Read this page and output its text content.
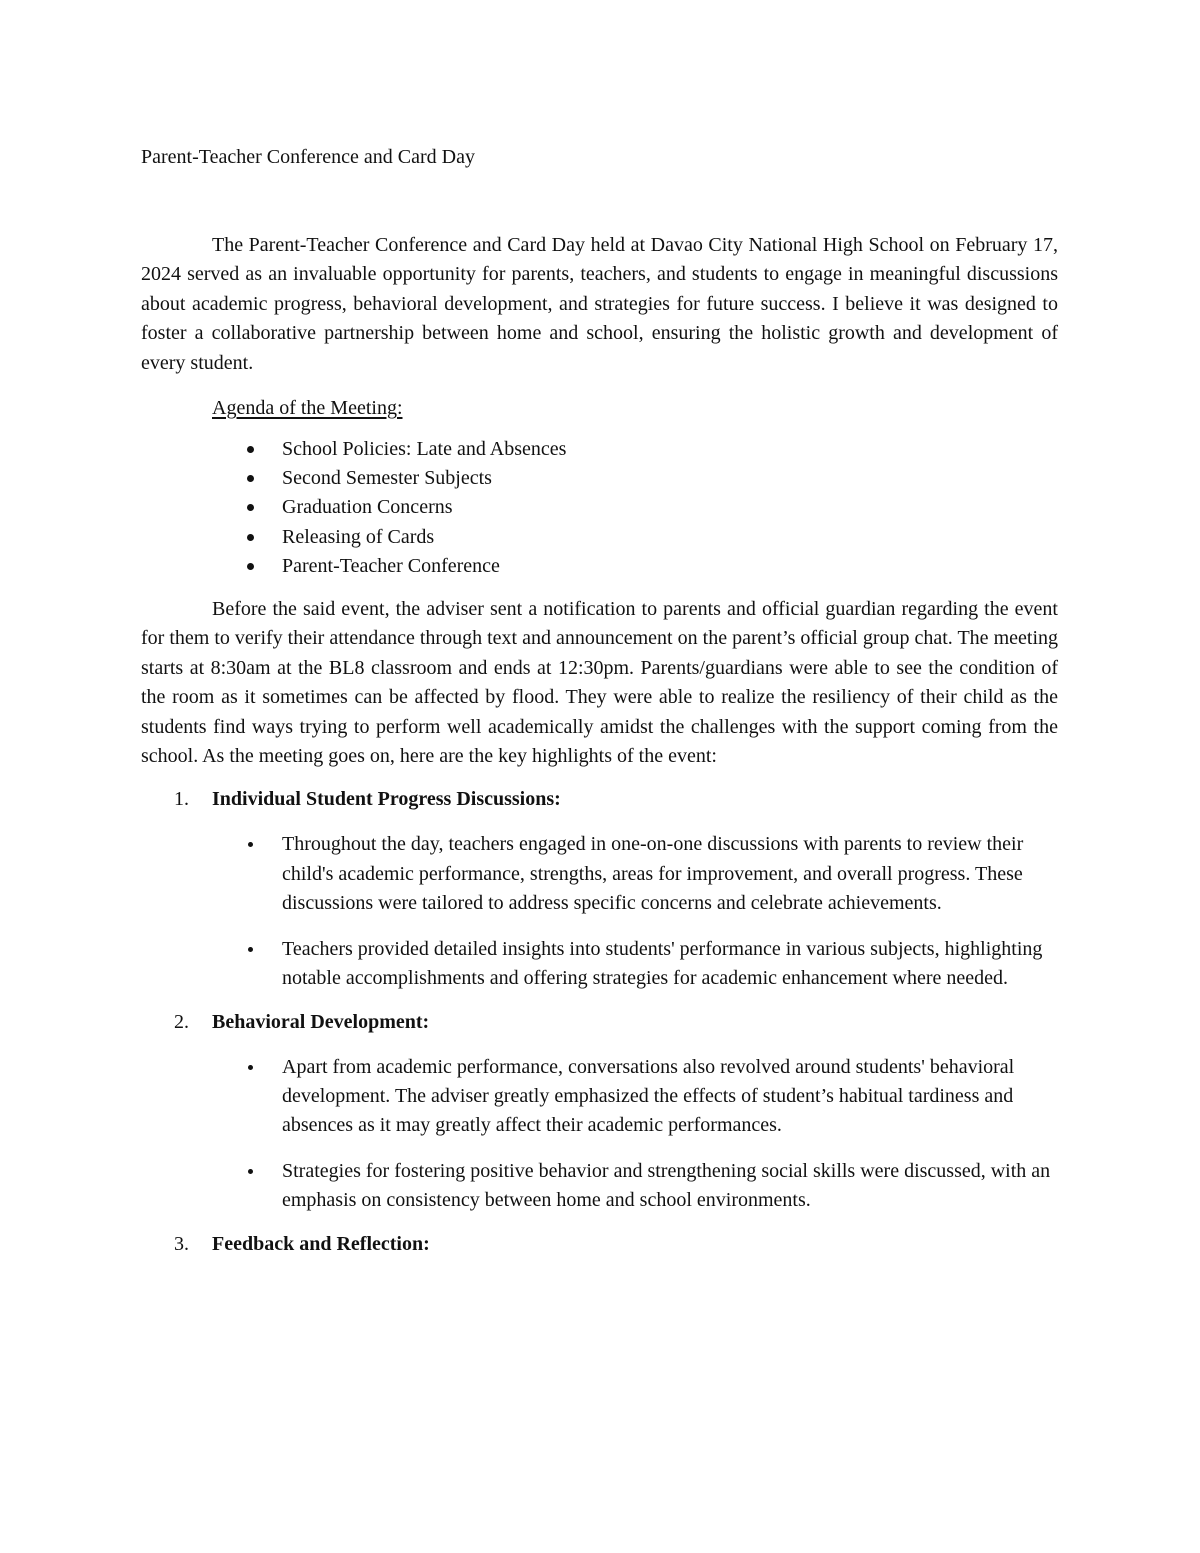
Parent-Teacher Conference and Card Day

The Parent-Teacher Conference and Card Day held at Davao City National High School on February 17, 2024 served as an invaluable opportunity for parents, teachers, and students to engage in meaningful discussions about academic progress, behavioral development, and strategies for future success. I believe it was designed to foster a collaborative partnership between home and school, ensuring the holistic growth and development of every student.

Agenda of the Meeting:
School Policies: Late and Absences
Second Semester Subjects
Graduation Concerns
Releasing of Cards
Parent-Teacher Conference

Before the said event, the adviser sent a notification to parents and official guardian regarding the event for them to verify their attendance through text and announcement on the parent’s official group chat. The meeting starts at 8:30am at the BL8 classroom and ends at 12:30pm. Parents/guardians were able to see the condition of the room as it sometimes can be affected by flood. They were able to realize the resiliency of their child as the students find ways trying to perform well academically amidst the challenges with the support coming from the school. As the meeting goes on, here are the key highlights of the event:

1. Individual Student Progress Discussions:
Throughout the day, teachers engaged in one-on-one discussions with parents to review their child's academic performance, strengths, areas for improvement, and overall progress. These discussions were tailored to address specific concerns and celebrate achievements.
Teachers provided detailed insights into students' performance in various subjects, highlighting notable accomplishments and offering strategies for academic enhancement where needed.
2. Behavioral Development:
Apart from academic performance, conversations also revolved around students' behavioral development. The adviser greatly emphasized the effects of student’s habitual tardiness and absences as it may greatly affect their academic performances.
Strategies for fostering positive behavior and strengthening social skills were discussed, with an emphasis on consistency between home and school environments.
3. Feedback and Reflection:
